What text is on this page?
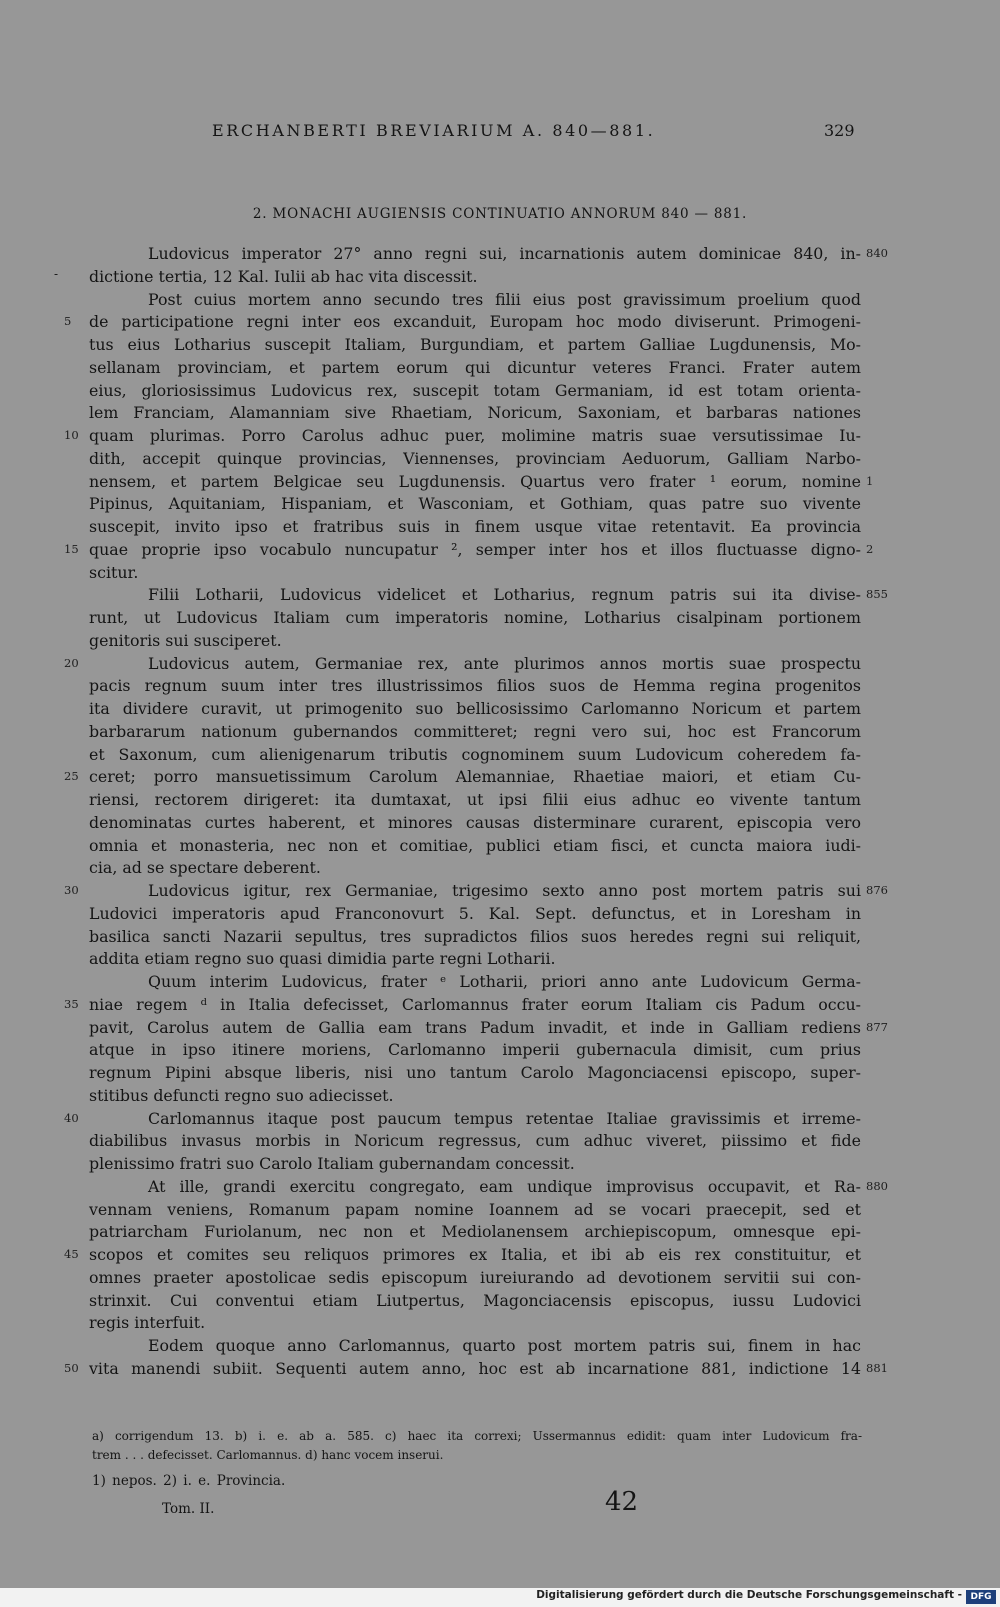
ERCHANBERTI BREVIARIUM A. 840—881.	329
2. MONACHI AUGIENSIS CONTINUATIO ANNORUM 840 — 881.
Ludovicus imperator 27° anno regni sui, incarnationis autem dominicae 840, in- 840
dictione tertia, 12 Kal. Iulii ab hac vita discessit.
-
Post cuius mortem anno secundo tres filii eius post gravissimum proelium quod
de participatione regni inter eos excanduit, Europam hoc modo diviserunt. Primogeni-
5
tus eius Lotharius suscepit Italiam, Burgundiam, et partem Galliae Lugdunensis, Mo-
sellanam provinciam, et partem eorum qui dicuntur veteres Franci. Frater autem
eius, gloriosissimus Ludovicus rex, suscepit totam Germaniam, id est totam orienta-
lem Franciam, Alamanniam sive Rhaetiam, Noricum, Saxoniam, et barbaras nationes
quam plurimas. Porro Carolus adhuc puer, molimine matris suae versutissimae Iu-
10
dith, accepit quinque provincias, Viennenses, provinciam Aeduorum, Galliam Narbo-
nensem, et partem Belgicae seu Lugdunensis. Quartus vero frater ¹ eorum, nomine 1
Pipinus, Aquitaniam, Hispaniam, et Wasconiam, et Gothiam, quas patre suo vivente
suscepit, invito ipso et fratribus suis in finem usque vitae retentavit. Ea provincia
quae proprie ipso vocabulo nuncupatur ², semper inter hos et illos fluctuasse digno-
15	2
scitur.
Filii Lotharii, Ludovicus videlicet et Lotharius, regnum patris sui ita divise- 855
runt, ut Ludovicus Italiam cum imperatoris nomine, Lotharius cisalpinam portionem
genitoris sui susciperet.
Ludovicus autem, Germaniae rex, ante plurimos annos mortis suae prospectu
20
pacis regnum suum inter tres illustrissimos filios suos de Hemma regina progenitos
ita dividere curavit, ut primogenito suo bellicosissimo Carlomanno Noricum et partem
barbararum nationum gubernandos committeret; regni vero sui, hoc est Francorum
et Saxonum, cum alienigenarum tributis cognominem suum Ludovicum coheredem fa-
ceret; porro mansuetissimum Carolum Alemanniae, Rhaetiae maiori, et etiam Cu-
25
riensi, rectorem dirigeret: ita dumtaxat, ut ipsi filii eius adhuc eo vivente tantum
denominatas curtes haberent, et minores causas disterminare curarent, episcopia vero
omnia et monasteria, nec non et comitiae, publici etiam fisci, et cuncta maiora iudi-
cia, ad se spectare deberent.
Ludovicus igitur, rex Germaniae, trigesimo sexto anno post mortem patris sui
30	876
Ludovici imperatoris apud Franconovurt 5. Kal. Sept. defunctus, et in Loresham in
basilica sancti Nazarii sepultus, tres supradictos filios suos heredes regni sui reliquit,
addita etiam regno suo quasi dimidia parte regni Lotharii.
Quum interim Ludovicus, frater ᵉ Lotharii, priori anno ante Ludovicum Germa-
niae regem ᵈ in Italia defecisset, Carlomannus frater eorum Italiam cis Padum occu-
35
pavit, Carolus autem de Gallia eam trans Padum invadit, et inde in Galliam rediens 877
atque in ipso itinere moriens, Carlomanno imperii gubernacula dimisit, cum prius
regnum Pipini absque liberis, nisi uno tantum Carolo Magonciacensi episcopo, super-
stitibus defuncti regno suo adiecisset.
Carlomannus itaque post paucum tempus retentae Italiae gravissimis et irreme-
40
diabilibus invasus morbis in Noricum regressus, cum adhuc viveret, piissimo et fide
plenissimo fratri suo Carolo Italiam gubernandam concessit.
At ille, grandi exercitu congregato, eam undique improvisus occupavit, et Ra- 880
vennam veniens, Romanum papam nomine Ioannem ad se vocari praecepit, sed et
patriarcham Furiolanum, nec non et Mediolanensem archiepiscopum, omnesque epi-
scopos et comites seu reliquos primores ex Italia, et ibi ab eis rex constituitur, et
45
omnes praeter apostolicae sedis episcopum iureiurando ad devotionem servitii sui con-
strinxit. Cui conventui etiam Liutpertus, Magonciacensis episcopus, iussu Ludovici
regis interfuit.
Eodem quoque anno Carlomannus, quarto post mortem patris sui, finem in hac
vita manendi subiit. Sequenti autem anno, hoc est ab incarnatione 881, indictione 14
50	881
a) corrigendum 13. b) i. e. ab a. 585. c) haec ita correxi; Ussermannus edidit: quam inter Ludovicum fra-
trem . . . defecisset. Carlomannus. d) hanc vocem inserui.
1) nepos. 2) i. e. Provincia.
Tom. II.	42
Digitalisierung gefördert durch die Deutsche Forschungsgemeinschaft - DFG
